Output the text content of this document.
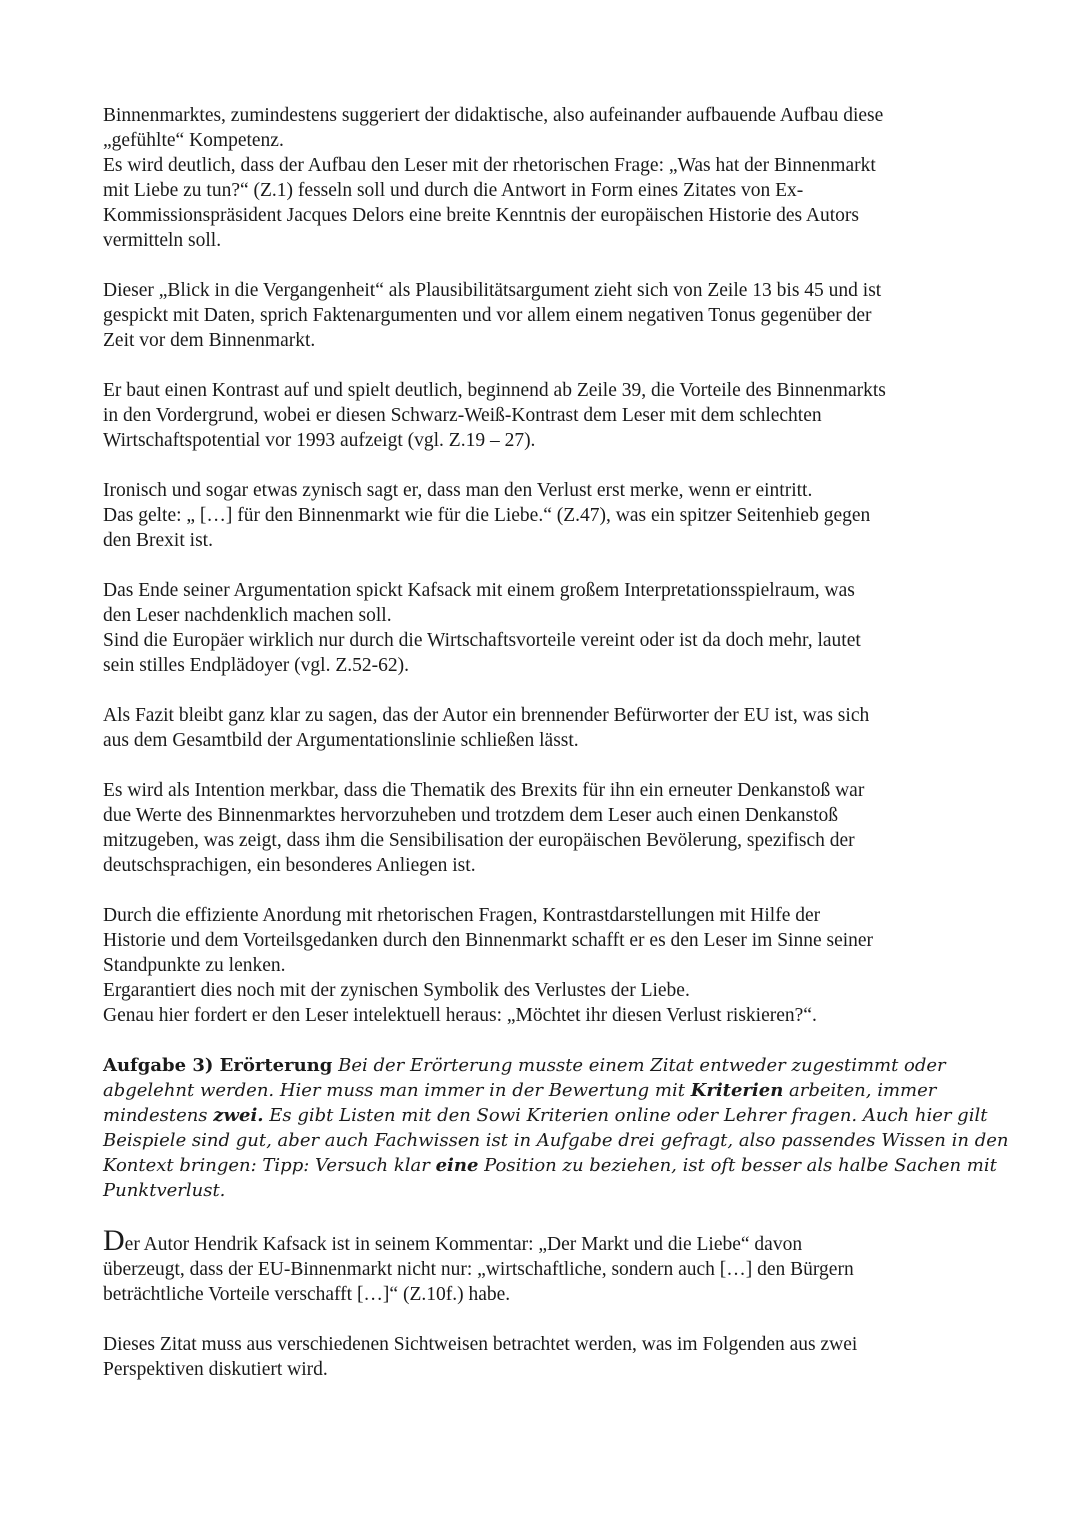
Binnenmarktes, zumindestens suggeriert der didaktische, also aufeinander aufbauende Aufbau diese
„gefühlte“ Kompetenz.
Es wird deutlich, dass der Aufbau den Leser mit der rhetorischen Frage: „Was hat der Binnenmarkt
mit Liebe zu tun?“ (Z.1) fesseln soll und durch die Antwort in Form eines Zitates von Ex-
Kommissionspräsident Jacques Delors eine breite Kenntnis der europäischen Historie des Autors
vermitteln soll.

Dieser „Blick in die Vergangenheit“ als Plausibilitätsargument zieht sich von Zeile 13 bis 45 und ist
gespickt mit Daten, sprich Faktenargumenten und vor allem einem negativen Tonus gegenüber der
Zeit vor dem Binnenmarkt.

Er baut einen Kontrast auf und spielt deutlich, beginnend ab Zeile 39, die Vorteile des Binnenmarkts
in den Vordergrund, wobei er diesen Schwarz-Weiß-Kontrast dem Leser mit dem schlechten
Wirtschaftspotential vor 1993 aufzeigt (vgl. Z.19 – 27).

Ironisch und sogar etwas zynisch sagt er, dass man den Verlust erst merke, wenn er eintritt.
Das gelte: „ […] für den Binnenmarkt wie für die Liebe.“ (Z.47), was ein spitzer Seitenhieb gegen
den Brexit ist.

Das Ende seiner Argumentation spickt Kafsack mit einem großem Interpretationsspielraum, was
den Leser nachdenklich machen soll.
Sind die Europäer wirklich nur durch die Wirtschaftsvorteile vereint oder ist da doch mehr, lautet
sein stilles Endplädoyer (vgl. Z.52-62).

Als Fazit bleibt ganz klar zu sagen, das der Autor ein brennender Befürworter der EU ist, was sich
aus dem Gesamtbild der Argumentationslinie schließen lässt.

Es wird als Intention merkbar, dass die Thematik des Brexits für ihn ein erneuter Denkanstoß war
due Werte des Binnenmarktes hervorzuheben und trotzdem dem Leser auch einen Denkanstoß
mitzugeben, was zeigt, dass ihm die Sensibilisation der europäischen Bevölerung, spezifisch der
deutschsprachigen, ein besonderes Anliegen ist.

Durch die effiziente Anordung mit rhetorischen Fragen, Kontrastdarstellungen mit Hilfe der
Historie und dem Vorteilsgedanken durch den Binnenmarkt schafft er es den Leser im Sinne seiner
Standpunkte zu lenken.
Ergarantiert dies noch mit der zynischen Symbolik des Verlustes der Liebe.
Genau hier fordert er den Leser intelektuell heraus: „Möchtet ihr diesen Verlust riskieren?“.

Aufgabe 3) Erörterung Bei der Erörterung musste einem Zitat entweder zugestimmt oder
abgelehnt werden. Hier muss man immer in der Bewertung mit Kriterien arbeiten, immer
mindestens zwei. Es gibt Listen mit den Sowi Kriterien online oder Lehrer fragen. Auch hier gilt
Beispiele sind gut, aber auch Fachwissen ist in Aufgabe drei gefragt, also passendes Wissen in den
Kontext bringen: Tipp: Versuch klar eine Position zu beziehen, ist oft besser als halbe Sachen mit
Punktverlust.

Der Autor Hendrik Kafsack ist in seinem Kommentar: „Der Markt und die Liebe“ davon
überzeugt, dass der EU-Binnenmarkt nicht nur: „wirtschaftliche, sondern auch […] den Bürgern
beträchtliche Vorteile verschafft […]“ (Z.10f.) habe.

Dieses Zitat muss aus verschiedenen Sichtweisen betrachtet werden, was im Folgenden aus zwei
Perspektiven diskutiert wird.
